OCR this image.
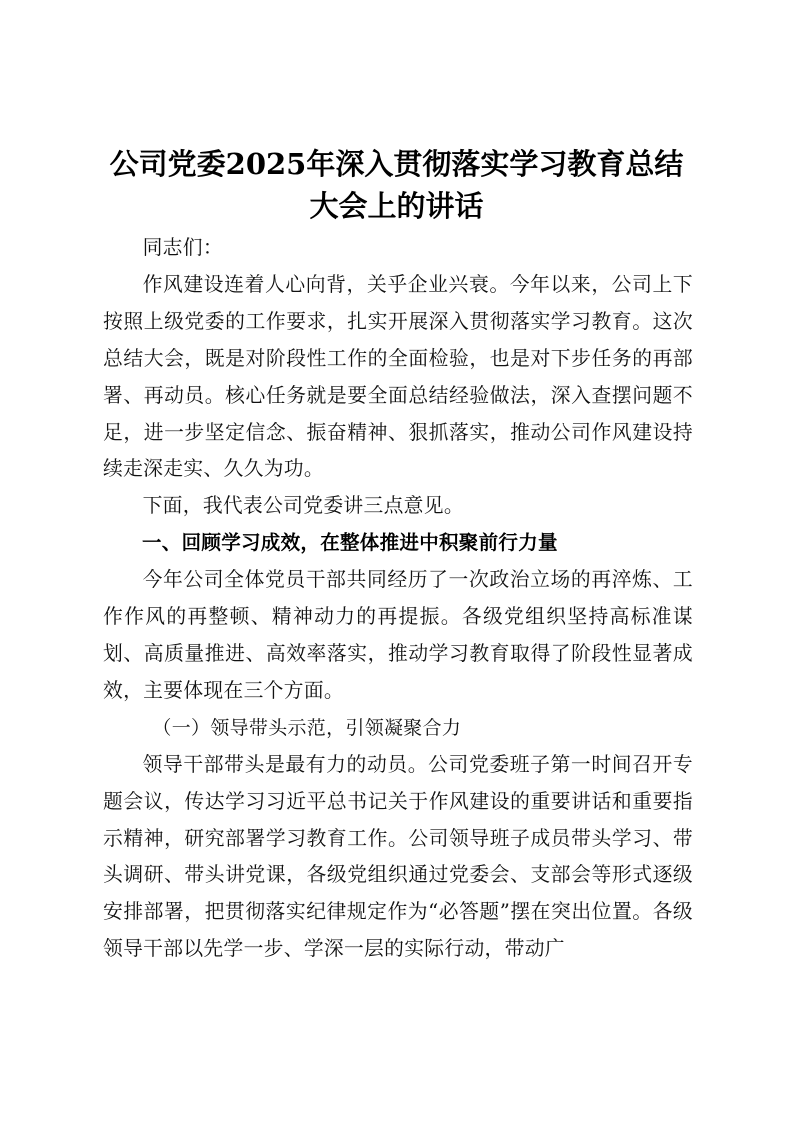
公司党委2025年深入贯彻落实学习教育总结
大会上的讲话

同志们：

作风建设连着人心向背，关乎企业兴衰。今年以来，公司上下按照上级党委的工作要求，扎实开展深入贯彻落实学习教育。这次总结大会，既是对阶段性工作的全面检验，也是对下步任务的再部署、再动员。核心任务就是要全面总结经验做法，深入查摆问题不足，进一步坚定信念、振奋精神、狠抓落实，推动公司作风建设持续走深走实、久久为功。

下面，我代表公司党委讲三点意见。

一、回顾学习成效，在整体推进中积聚前行力量

今年公司全体党员干部共同经历了一次政治立场的再淬炼、工作作风的再整顿、精神动力的再提振。各级党组织坚持高标准谋划、高质量推进、高效率落实，推动学习教育取得了阶段性显著成效，主要体现在三个方面。

（一）领导带头示范，引领凝聚合力

领导干部带头是最有力的动员。公司党委班子第一时间召开专题会议，传达学习习近平总书记关于作风建设的重要讲话和重要指示精神，研究部署学习教育工作。公司领导班子成员带头学习、带头调研、带头讲党课，各级党组织通过党委会、支部会等形式逐级安排部署，把贯彻落实纪律规定作为“必答题”摆在突出位置。各级领导干部以先学一步、学深一层的实际行动，带动广
